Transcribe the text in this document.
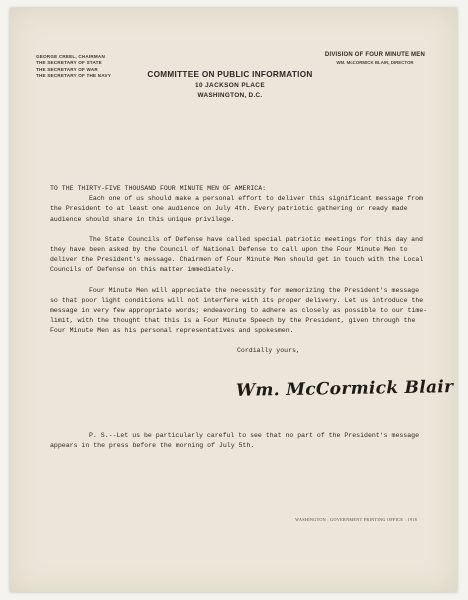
GEORGE CREEL, CHAIRMAN
THE SECRETARY OF STATE
THE SECRETARY OF WAR
THE SECRETARY OF THE NAVY	COMMITTEE ON PUBLIC INFORMATION
10 JACKSON PLACE
WASHINGTON, D.C.
DIVISION OF FOUR MINUTE MEN
WM. McCORMICK BLAIR, DIRECTOR

TO THE THIRTY-FIVE THOUSAND FOUR MINUTE MEN OF AMERICA:

Each one of us should make a personal effort to deliver this significant message from the President to at least one audience on July 4th. Every patriotic gathering or ready made audience should share in this unique privilege.

The State Councils of Defense have called special patriotic meetings for this day and they have been asked by the Council of National Defense to call upon the Four Minute Men to deliver the President's message. Chairmen of Four Minute Men should get in touch with the Local Councils of Defense on this matter immediately.

Four Minute Men will appreciate the necessity for memorizing the President's message so that poor light conditions will not interfere with its proper delivery. Let us introduce the message in very few appropriate words; endeavoring to adhere as closely as possible to our time-limit, with the thought that this is a Four Minute Speech by the President, given through the Four Minute Men as his personal representatives and spokesmen.

Cordially yours,

Wm. McCormick Blair

P. S.--Let us be particularly careful to see that no part of the President's message appears in the press before the morning of July 5th.

WASHINGTON : GOVERNMENT PRINTING OFFICE : 1918
